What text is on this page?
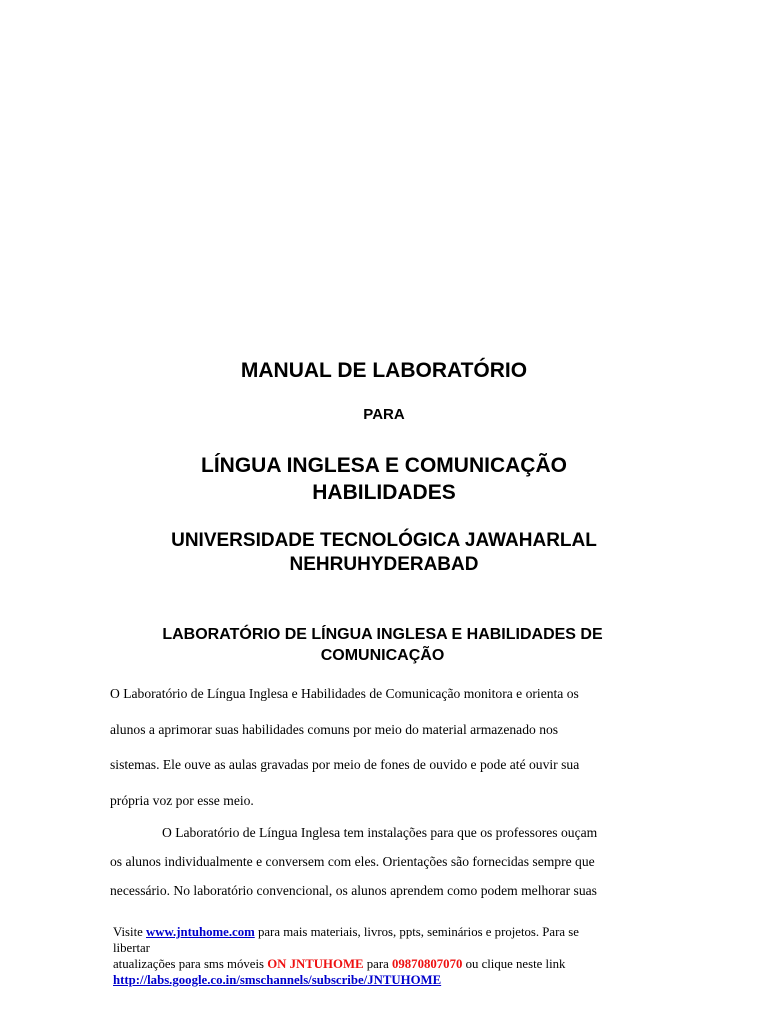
MANUAL DE LABORATÓRIO
PARA
LÍNGUA INGLESA E COMUNICAÇÃO
HABILIDADES
UNIVERSIDADE TECNOLÓGICA JAWAHARLAL
NEHRUHYDERABAD
LABORATÓRIO DE LÍNGUA INGLESA E HABILIDADES DE
COMUNICAÇÃO
O Laboratório de Língua Inglesa e Habilidades de Comunicação monitora e orienta os
alunos a aprimorar suas habilidades comuns por meio do material armazenado nos
sistemas. Ele ouve as aulas gravadas por meio de fones de ouvido e pode até ouvir sua
própria voz por esse meio.
O Laboratório de Língua Inglesa tem instalações para que os professores ouçam
os alunos individualmente e conversem com eles. Orientações são fornecidas sempre que
necessário. No laboratório convencional, os alunos aprendem como podem melhorar suas
Visite www.jntuhome.com para mais materiais, livros, ppts, seminários e projetos. Para se
libertar
atualizações para sms móveis ON JNTUHOME para 09870807070 ou clique neste link
http://labs.google.co.in/smschannels/subscribe/JNTUHOME
